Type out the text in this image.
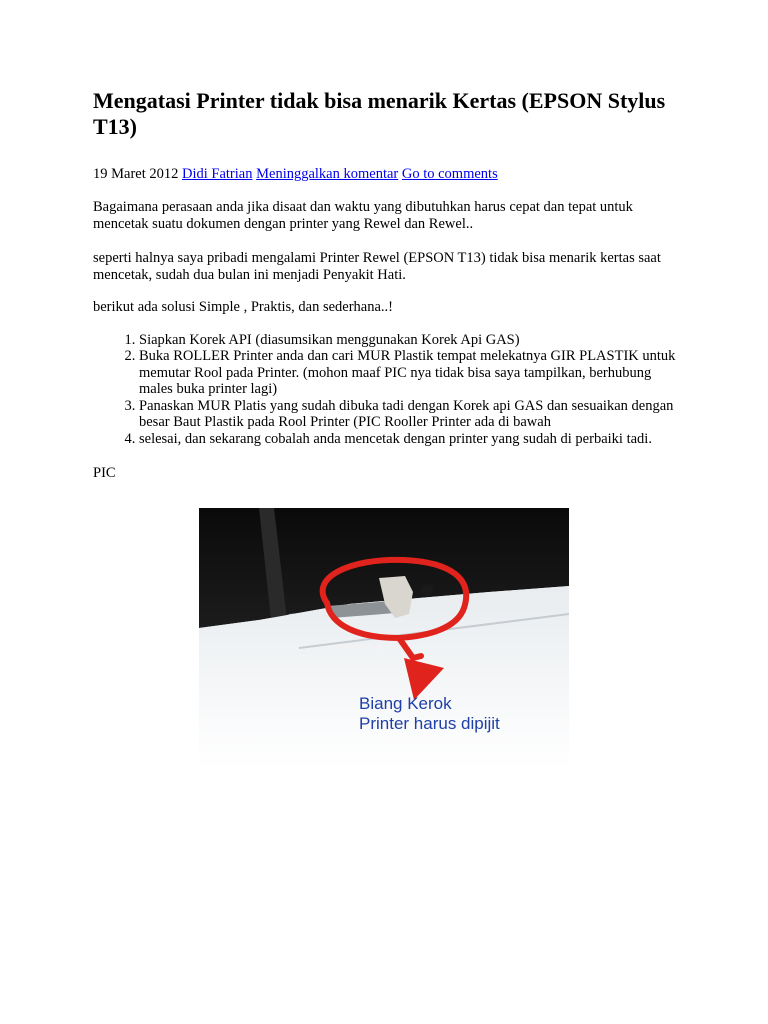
Mengatasi Printer tidak bisa menarik Kertas (EPSON Stylus T13)
19 Maret 2012 Didi Fatrian Meninggalkan komentar Go to comments

Bagaimana perasaan anda jika disaat dan waktu yang dibutuhkan harus cepat dan tepat untuk mencetak suatu dokumen dengan printer yang Rewel dan Rewel..

seperti halnya saya pribadi mengalami Printer Rewel (EPSON T13) tidak bisa menarik kertas saat mencetak, sudah dua bulan ini menjadi Penyakit Hati.

berikut ada solusi Simple , Praktis, dan sederhana..!

1. Siapkan Korek API (diasumsikan menggunakan Korek Api GAS)
2. Buka ROLLER Printer anda dan cari MUR Plastik tempat melekatnya GIR PLASTIK untuk memutar Rool pada Printer. (mohon maaf PIC nya tidak bisa saya tampilkan, berhubung males buka printer lagi)
3. Panaskan MUR Platis yang sudah dibuka tadi dengan Korek api GAS dan sesuaikan dengan besar Baut Plastik pada Rool Printer (PIC Rooller Printer ada di bawah
4. selesai, dan sekarang cobalah anda mencetak dengan printer yang sudah di perbaiki tadi.
PIC
Biang Kerok
Printer harus dipijit
